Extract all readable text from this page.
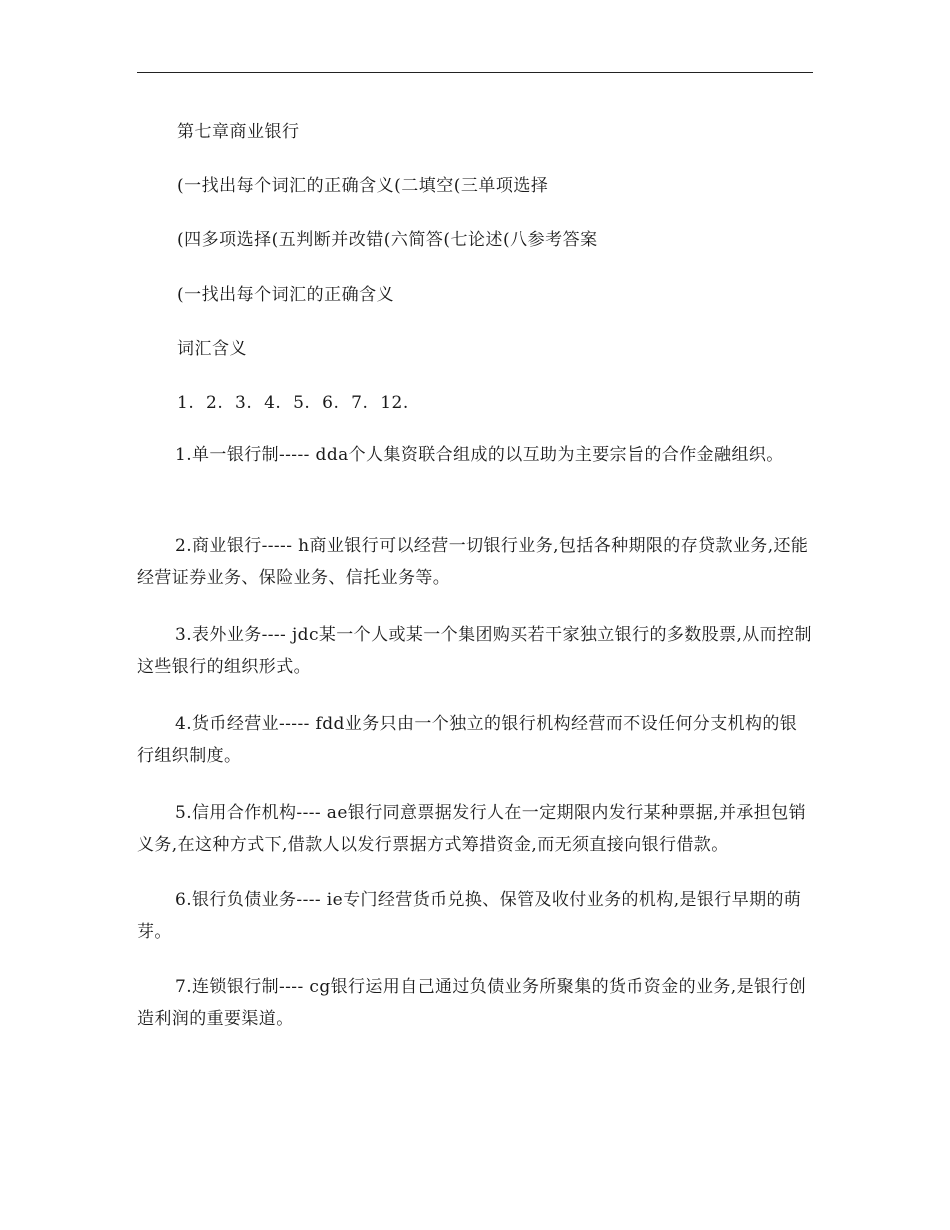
第七章商业银行
(一找出每个词汇的正确含义(二填空(三单项选择
(四多项选择(五判断并改错(六简答(七论述(八参考答案
(一找出每个词汇的正确含义
词汇含义
1.  2.  3.  4.  5.  6.  7.  12.
1.单一银行制----- dda个人集资联合组成的以互助为主要宗旨的合作金融组织。
2.商业银行----- h商业银行可以经营一切银行业务,包括各种期限的存贷款业务,还能经营证券业务、保险业务、信托业务等。
3.表外业务---- jdc某一个人或某一个集团购买若干家独立银行的多数股票,从而控制这些银行的组织形式。
4.货币经营业----- fdd业务只由一个独立的银行机构经营而不设任何分支机构的银行组织制度。
5.信用合作机构---- ae银行同意票据发行人在一定期限内发行某种票据,并承担包销义务,在这种方式下,借款人以发行票据方式筹措资金,而无须直接向银行借款。
6.银行负债业务---- ie专门经营货币兑换、保管及收付业务的机构,是银行早期的萌芽。
7.连锁银行制---- cg银行运用自己通过负债业务所聚集的货币资金的业务,是银行创造利润的重要渠道。
